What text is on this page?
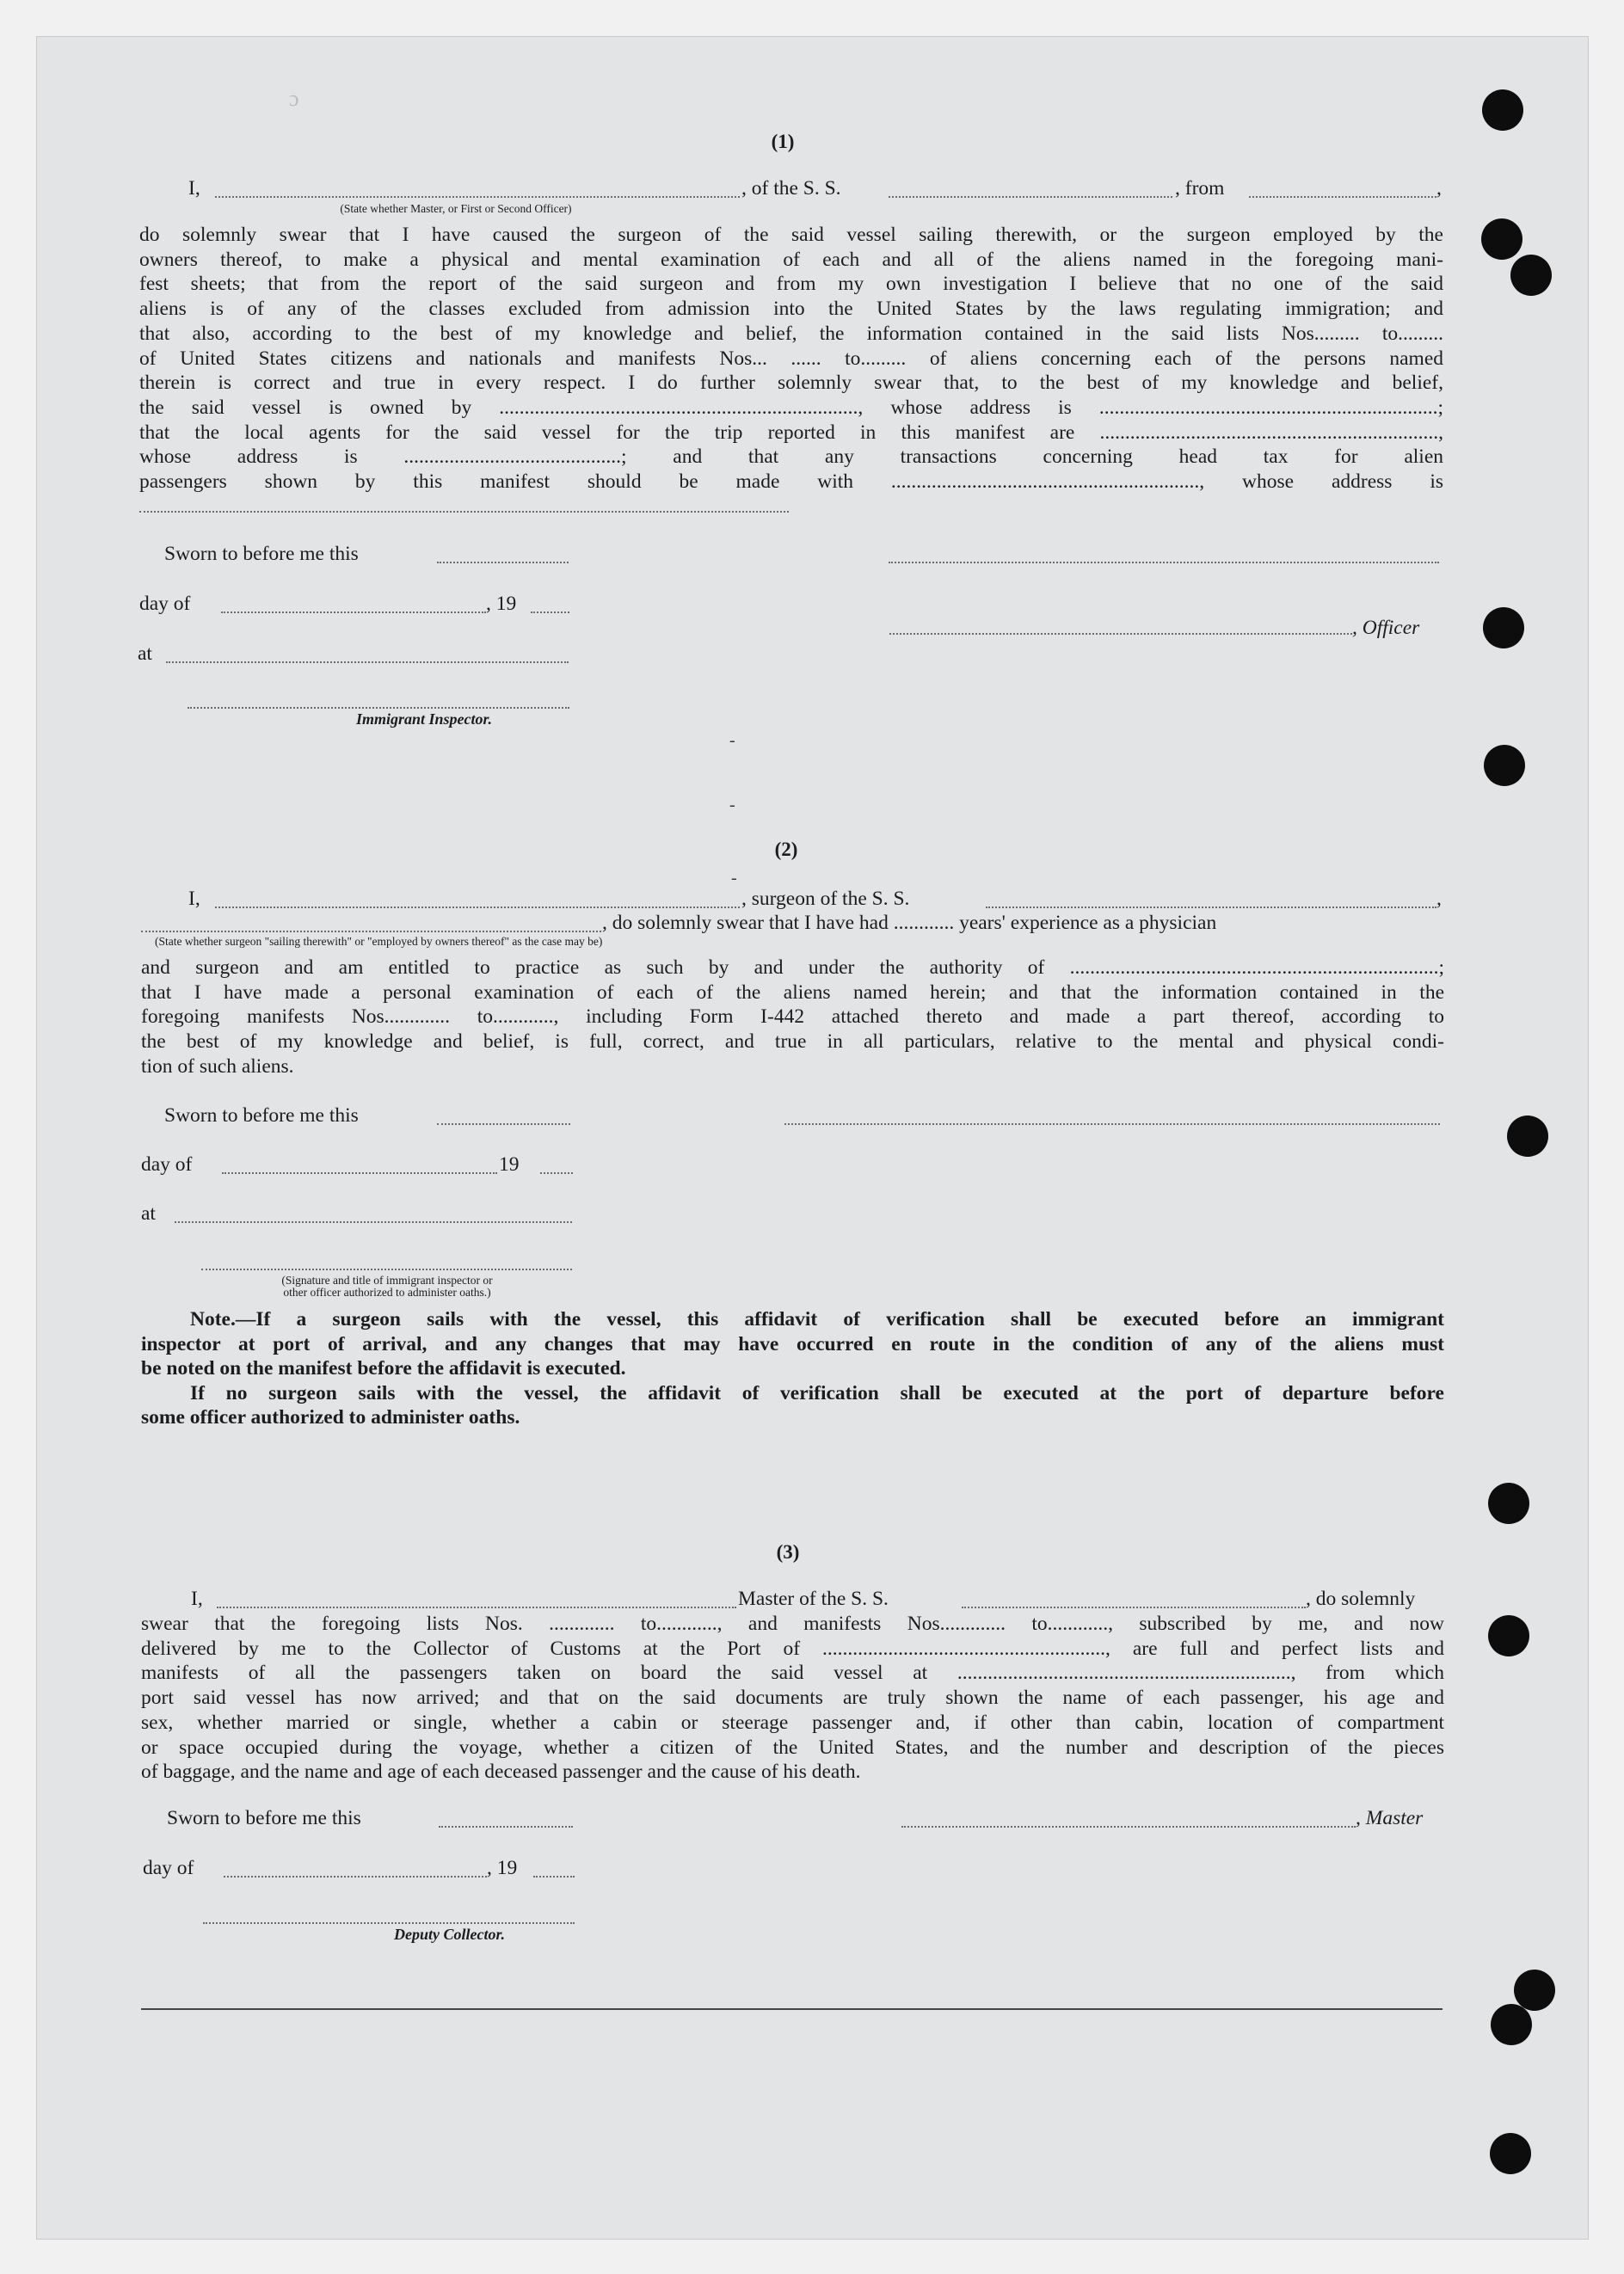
ɔ
(1)
I,	, of the S. S.	, from	,
(State whether Master, or First or Second Officer)
do solemnly swear that I have caused the surgeon of the said vessel sailing therewith, or the surgeon employed by the
owners thereof, to make a physical and mental examination of each and all of the aliens named in the foregoing mani-
fest sheets; that from the report of the said surgeon and from my own investigation I believe that no one of the said
aliens is of any of the classes excluded from admission into the United States by the laws regulating immigration; and
that also, according to the best of my knowledge and belief, the information contained in the said lists Nos......... to.........
of United States citizens and nationals and manifests Nos... ...... to......... of aliens concerning each of the persons named
therein is correct and true in every respect. I do further solemnly swear that, to the best of my knowledge and belief,
the said vessel is owned by ......................................................................., whose address is ...................................................................;
that the local agents for the said vessel for the trip reported in this manifest are ...................................................................,
whose address is ...........................................; and that any transactions concerning head tax for alien
passengers shown by this manifest should be made with ............................................................., whose address is
Sworn to before me this
day of	, 19
, Officer
at
Immigrant Inspector.
-
-
(2)
-
I,	, surgeon of the S. S.	,
, do solemnly swear that I have had ............ years' experience as a physician
(State whether surgeon "sailing therewith" or "employed by owners thereof" as the case may be)
and surgeon and am entitled to practice as such by and under the authority of .........................................................................;
that I have made a personal examination of each of the aliens named herein; and that the information contained in the
foregoing manifests Nos............. to............, including Form I-442 attached thereto and made a part thereof, according to
the best of my knowledge and belief, is full, correct, and true in all particulars, relative to the mental and physical condi-
tion of such aliens.
Sworn to before me this
day of	19
at
(Signature and title of immigrant inspector or
other officer authorized to administer oaths.)
Note.—If a surgeon sails with the vessel, this affidavit of verification shall be executed before an immigrant
inspector at port of arrival, and any changes that may have occurred en route in the condition of any of the aliens must
be noted on the manifest before the affidavit is executed.
If no surgeon sails with the vessel, the affidavit of verification shall be executed at the port of departure before
some officer authorized to administer oaths.
(3)
I,	Master of the S. S.	, do solemnly
swear that the foregoing lists Nos. ............. to............, and manifests Nos............. to............, subscribed by me, and now
delivered by me to the Collector of Customs at the Port of ........................................................, are full and perfect lists and
manifests of all the passengers taken on board the said vessel at .................................................................., from which
port said vessel has now arrived; and that on the said documents are truly shown the name of each passenger, his age and
sex, whether married or single, whether a cabin or steerage passenger and, if other than cabin, location of compartment
or space occupied during the voyage, whether a citizen of the United States, and the number and description of the pieces
of baggage, and the name and age of each deceased passenger and the cause of his death.
Sworn to before me this	, Master
day of	, 19
Deputy Collector.
